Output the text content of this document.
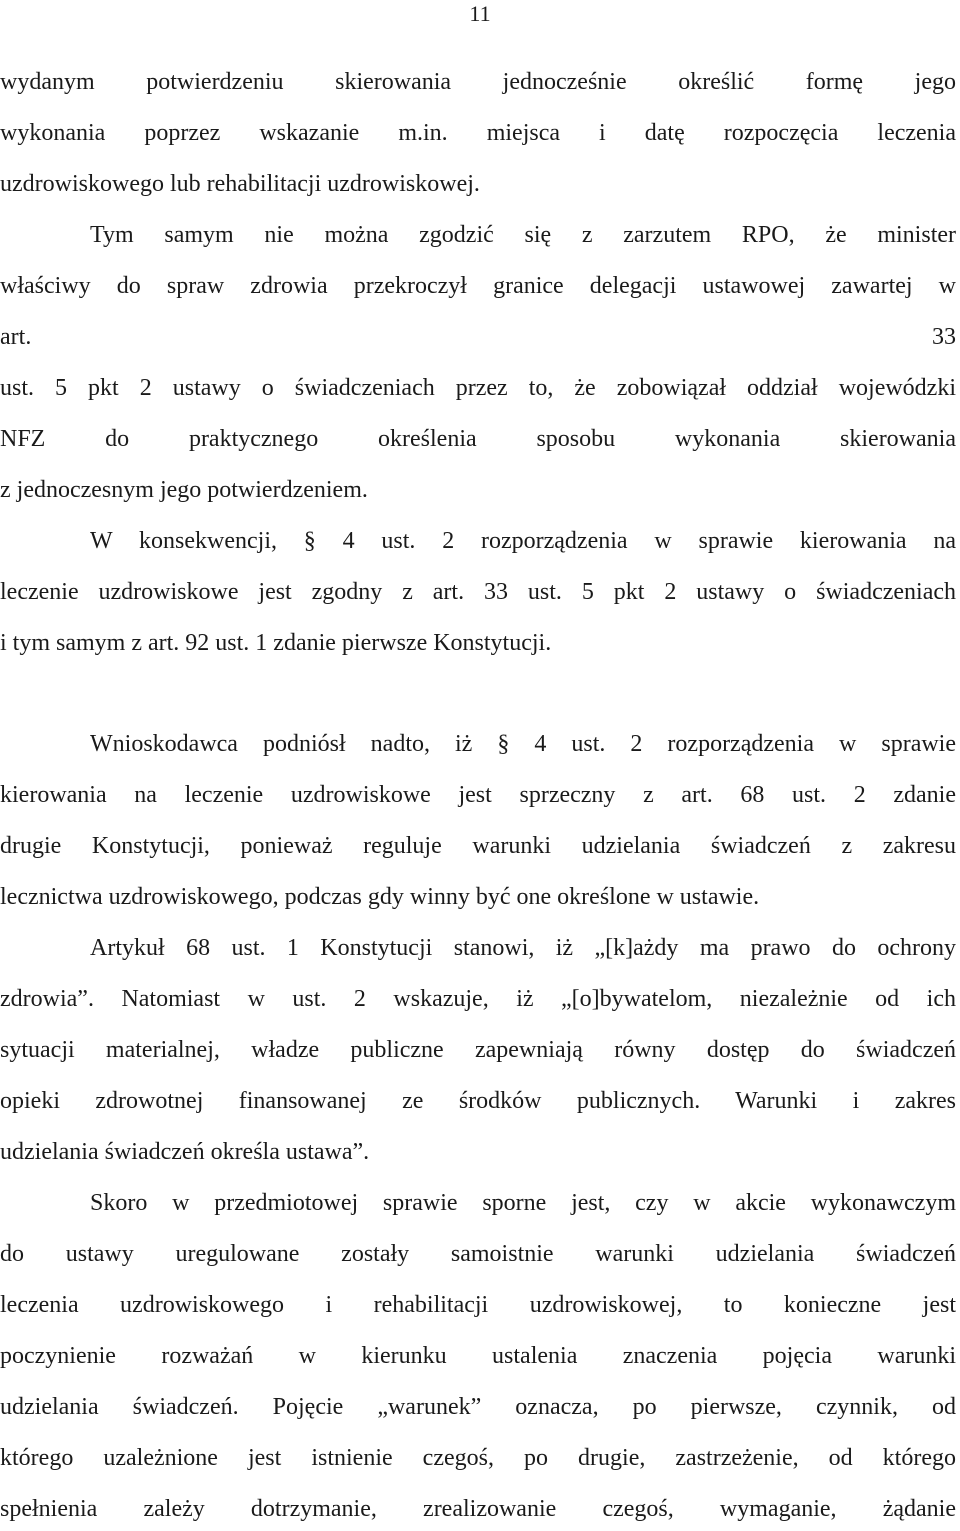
11
wydanym potwierdzeniu skierowania jednocześnie określić formę jego
wykonania poprzez wskazanie m.in. miejsca i datę rozpoczęcia leczenia
uzdrowiskowego lub rehabilitacji uzdrowiskowej.
Tym samym nie można zgodzić się z zarzutem RPO, że minister
właściwy do spraw zdrowia przekroczył granice delegacji ustawowej zawartej w
art. 33
ust. 5 pkt 2 ustawy o świadczeniach przez to, że zobowiązał oddział wojewódzki
NFZ do praktycznego określenia sposobu wykonania skierowania
z jednoczesnym jego potwierdzeniem.
W konsekwencji, § 4 ust. 2 rozporządzenia w sprawie kierowania na
leczenie uzdrowiskowe jest zgodny z art. 33 ust. 5 pkt 2 ustawy o świadczeniach
i tym samym z art. 92 ust. 1 zdanie pierwsze Konstytucji.
Wnioskodawca podniósł nadto, iż § 4 ust. 2 rozporządzenia w sprawie
kierowania na leczenie uzdrowiskowe jest sprzeczny z art. 68 ust. 2 zdanie
drugie Konstytucji, ponieważ reguluje warunki udzielania świadczeń z zakresu
lecznictwa uzdrowiskowego, podczas gdy winny być one określone w ustawie.
Artykuł 68 ust. 1 Konstytucji stanowi, iż „[k]ażdy ma prawo do ochrony
zdrowia”. Natomiast w ust. 2 wskazuje, iż „[o]bywatelom, niezależnie od ich
sytuacji materialnej, władze publiczne zapewniają równy dostęp do świadczeń
opieki zdrowotnej finansowanej ze środków publicznych. Warunki i zakres
udzielania świadczeń określa ustawa”.
Skoro w przedmiotowej sprawie sporne jest, czy w akcie wykonawczym
do ustawy uregulowane zostały samoistnie warunki udzielania świadczeń
leczenia uzdrowiskowego i rehabilitacji uzdrowiskowej, to konieczne jest
poczynienie rozważań w kierunku ustalenia znaczenia pojęcia warunki
udzielania świadczeń. Pojęcie „warunek” oznacza, po pierwsze, czynnik, od
którego uzależnione jest istnienie czegoś, po drugie, zastrzeżenie, od którego
spełnienia zależy dotrzymanie, zrealizowanie czegoś, wymaganie, żądanie
